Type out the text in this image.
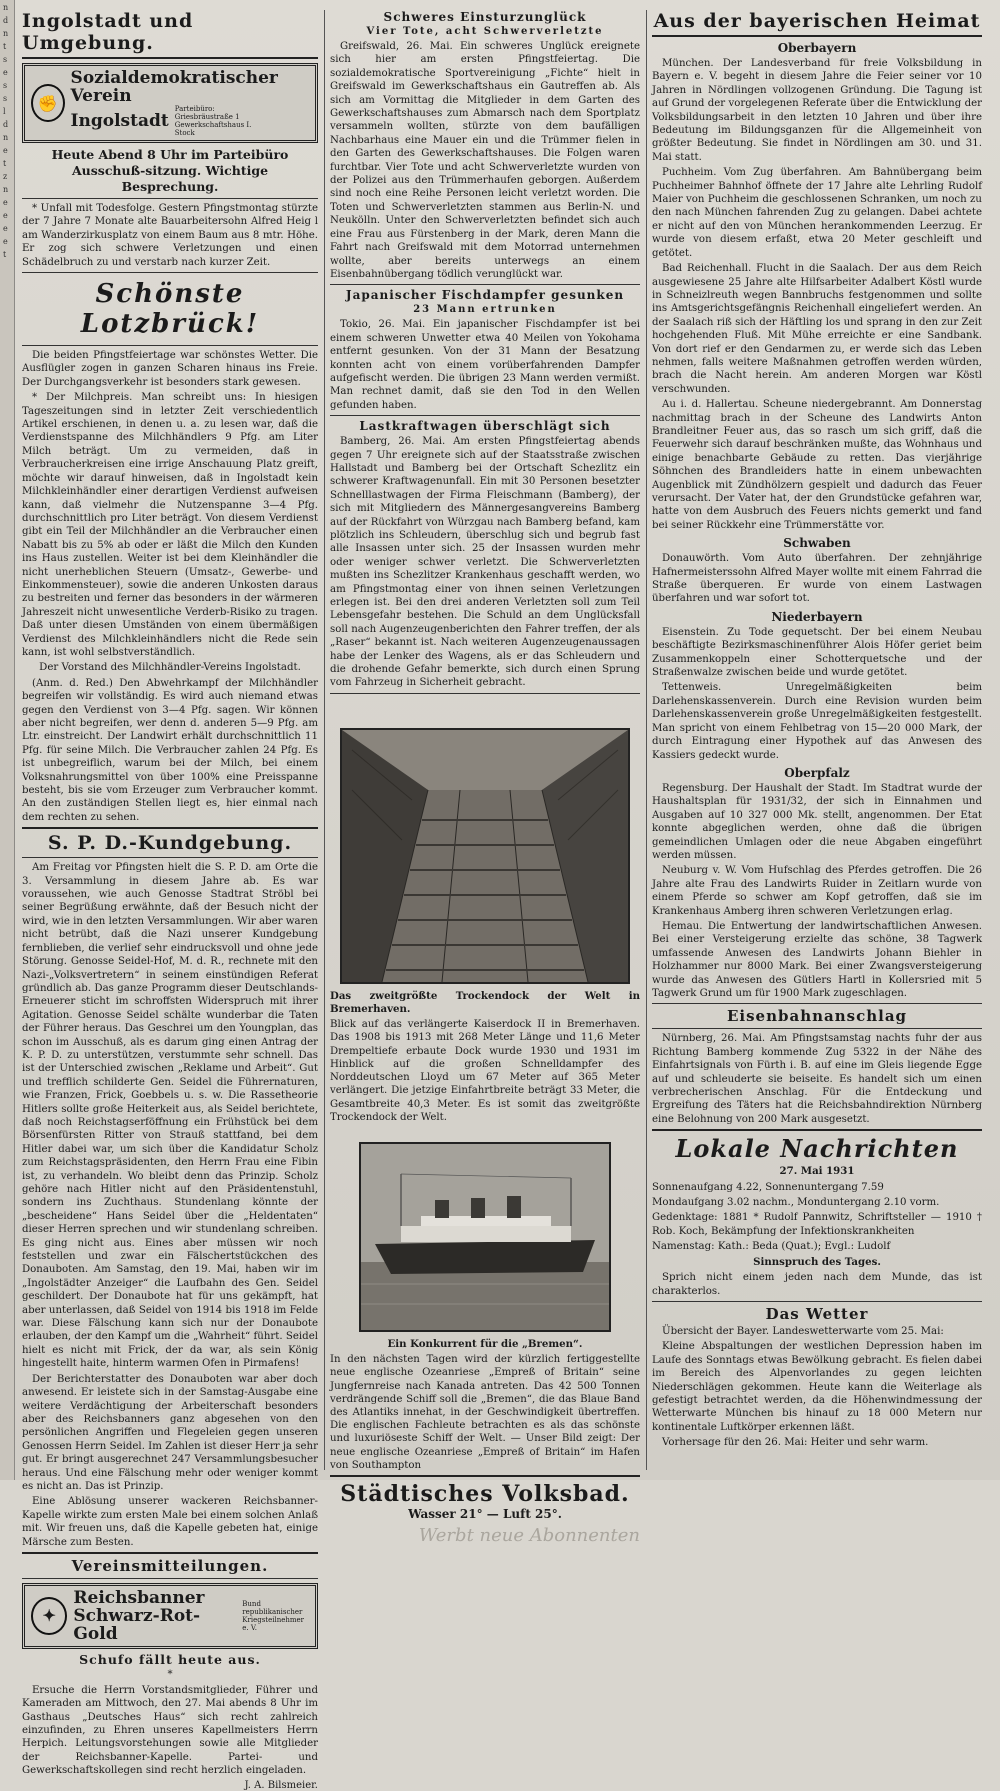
n
d
n
t
s
e
s
s
l
d
n
e
t
z
n
e
e
e
e
t
Ingolstadt und Umgebung.
✊
Sozialdemokratischer Verein
Ingolstadt
Parteibüro: Griesbräustraße 1 Gewerkschaftshaus I. Stock

Heute Abend 8 Uhr im Parteibüro Ausschuß-sitzung. Wichtige Besprechung.

* Unfall mit Todesfolge. Gestern Pfingstmontag stürzte der 7 Jahre 7 Monate alte Bauarbeitersohn Alfred Heig l am Wanderzirkusplatz von einem Baum aus 8 mtr. Höhe. Er zog sich schwere Verletzungen und einen Schädelbruch zu und verstarb nach kurzer Zeit.

Schönste Lotzbrück!

Die beiden Pfingstfeiertage war schönstes Wetter. Die Ausflügler zogen in ganzen Scharen hinaus ins Freie. Der Durchgangsverkehr ist besonders stark gewesen.

* Der Milchpreis. Man schreibt uns: In hiesigen Tageszeitungen sind in letzter Zeit verschiedentlich Artikel erschienen, in denen u. a. zu lesen war, daß die Verdienstspanne des Milchhändlers 9 Pfg. am Liter Milch beträgt. Um zu vermeiden, daß in Verbraucherkreisen eine irrige Anschauung Platz greift, möchte wir darauf hinweisen, daß in Ingolstadt kein Milchkleinhändler einer derartigen Verdienst aufweisen kann, daß vielmehr die Nutzenspanne 3—4 Pfg. durchschnittlich pro Liter beträgt. Von diesem Verdienst gibt ein Teil der Milchhändler an die Verbraucher einen Nabatt bis zu 5% ab oder er läßt die Milch den Kunden ins Haus zustellen. Weiter ist bei dem Kleinhändler die nicht unerheblichen Steuern (Umsatz-, Gewerbe- und Einkommensteuer), sowie die anderen Unkosten daraus zu bestreiten und ferner das besonders in der wärmeren Jahreszeit nicht unwesentliche Verderb-Risiko zu tragen. Daß unter diesen Umständen von einem übermäßigen Verdienst des Milchkleinhändlers nicht die Rede sein kann, ist wohl selbstverständlich.

Der Vorstand des Milchhändler-Vereins Ingolstadt.

(Anm. d. Red.) Den Abwehrkampf der Milchhändler begreifen wir vollständig. Es wird auch niemand etwas gegen den Verdienst von 3—4 Pfg. sagen. Wir können aber nicht begreifen, wer denn d. anderen 5—9 Pfg. am Ltr. einstreicht. Der Landwirt erhält durchschnittlich 11 Pfg. für seine Milch. Die Verbraucher zahlen 24 Pfg. Es ist unbegreiflich, warum bei der Milch, bei einem Volksnahrungsmittel von über 100% eine Preisspanne besteht, bis sie vom Erzeuger zum Verbraucher kommt. An den zuständigen Stellen liegt es, hier einmal nach dem rechten zu sehen.

S. P. D.-Kundgebung.

Am Freitag vor Pfingsten hielt die S. P. D. am Orte die 3. Versammlung in diesem Jahre ab. Es war voraussehen, wie auch Genosse Stadtrat Ströbl bei seiner Begrüßung erwähnte, daß der Besuch nicht der wird, wie in den letzten Versammlungen. Wir aber waren nicht betrübt, daß die Nazi unserer Kundgebung fernblieben, die verlief sehr eindrucksvoll und ohne jede Störung. Genosse Seidel-Hof, M. d. R., rechnete mit den Nazi-„Volksvertretern“ in seinem einstündigen Referat gründlich ab. Das ganze Programm dieser Deutschlands-Erneuerer sticht im schroffsten Widerspruch mit ihrer Agitation. Genosse Seidel schälte wunderbar die Taten der Führer heraus. Das Geschrei um den Youngplan, das schon im Ausschuß, als es darum ging einen Antrag der K. P. D. zu unterstützen, verstummte sehr schnell. Das ist der Unterschied zwischen „Reklame und Arbeit“. Gut und trefflich schilderte Gen. Seidel die Führernaturen, wie Franzen, Frick, Goebbels u. s. w. Die Rassetheorie Hitlers sollte große Heiterkeit aus, als Seidel berichtete, daß noch Reichstagserföffnung ein Frühstück bei dem Börsenfürsten Ritter von Strauß stattfand, bei dem Hitler dabei war, um sich über die Kandidatur Scholz zum Reichstagspräsidenten, den Herrn Frau eine Fibin ist, zu verhandeln. Wo bleibt denn das Prinzip. Scholz gehöre nach Hitler nicht auf den Präsidentenstuhl, sondern ins Zuchthaus. Stundenlang könnte der „bescheidene“ Hans Seidel über die „Heldentaten“ dieser Herren sprechen und wir stundenlang schreiben. Es ging nicht aus. Eines aber müssen wir noch feststellen und zwar ein Fälschertstückchen des Donauboten. Am Samstag, den 19. Mai, haben wir im „Ingolstädter Anzeiger“ die Laufbahn des Gen. Seidel geschildert. Der Donaubote hat für uns gekämpft, hat aber unterlassen, daß Seidel von 1914 bis 1918 im Felde war. Diese Fälschung kann sich nur der Donaubote erlauben, der den Kampf um die „Wahrheit“ führt. Seidel hielt es nicht mit Frick, der da war, als sein König hingestellt haite, hinterm warmen Ofen in Pirmafens!

Der Berichterstatter des Donauboten war aber doch anwesend. Er leistete sich in der Samstag-Ausgabe eine weitere Verdächtigung der Arbeiterschaft besonders aber des Reichsbanners ganz abgesehen von den persönlichen Angriffen und Flegeleien gegen unseren Genossen Herrn Seidel. Im Zahlen ist dieser Herr ja sehr gut. Er bringt ausgerechnet 247 Versammlungsbesucher heraus. Und eine Fälschung mehr oder weniger kommt es nicht an. Das ist Prinzip.

Eine Ablösung unserer wackeren Reichsbanner-Kapelle wirkte zum ersten Male bei einem solchen Anlaß mit. Wir freuen uns, daß die Kapelle gebeten hat, einige Märsche zum Besten.

Vereinsmitteilungen.
✦
Reichsbanner
Schwarz-Rot-Gold
Bund republikanischer Kriegsteilnehmer e. V.

Schufo fällt heute aus.

*

Ersuche die Herrn Vorstandsmitglieder, Führer und Kameraden am Mittwoch, den 27. Mai abends 8 Uhr im Gasthaus „Deutsches Haus“ sich recht zahlreich einzufinden, zu Ehren unseres Kapellmeisters Herrn Herpich. Leitungsvorstehungen sowie alle Mitglieder der Reichsbanner-Kapelle. Partei- und Gewerkschaftskollegen sind recht herzlich eingeladen.

J. A. Bilsmeier.
Schweres Einsturzunglück
Vier Tote, acht Schwerverletzte

Greifswald, 26. Mai. Ein schweres Unglück ereignete sich hier am ersten Pfingstfeiertag. Die sozialdemokratische Sportvereinigung „Fichte“ hielt in Greifswald im Gewerkschaftshaus ein Gautreffen ab. Als sich am Vormittag die Mitglieder in dem Garten des Gewerkschaftshauses zum Abmarsch nach dem Sportplatz versammeln wollten, stürzte von dem baufälligen Nachbarhaus eine Mauer ein und die Trümmer fielen in den Garten des Gewerkschaftshauses. Die Folgen waren furchtbar. Vier Tote und acht Schwerverletzte wurden von der Polizei aus den Trümmerhaufen geborgen. Außerdem sind noch eine Reihe Personen leicht verletzt worden. Die Toten und Schwerverletzten stammen aus Berlin-N. und Neukölln. Unter den Schwerverletzten befindet sich auch eine Frau aus Fürstenberg in der Mark, deren Mann die Fahrt nach Greifswald mit dem Motorrad unternehmen wollte, aber bereits unterwegs an einem Eisenbahnübergang tödlich verunglückt war.

Japanischer Fischdampfer gesunken
23 Mann ertrunken

Tokio, 26. Mai. Ein japanischer Fischdampfer ist bei einem schweren Unwetter etwa 40 Meilen von Yokohama entfernt gesunken. Von der 31 Mann der Besatzung konnten acht von einem vorüberfahrenden Dampfer aufgefischt werden. Die übrigen 23 Mann werden vermißt. Man rechnet damit, daß sie den Tod in den Wellen gefunden haben.

Lastkraftwagen überschlägt sich

Bamberg, 26. Mai. Am ersten Pfingstfeiertag abends gegen 7 Uhr ereignete sich auf der Staatsstraße zwischen Hallstadt und Bamberg bei der Ortschaft Schezlitz ein schwerer Kraftwagenunfall. Ein mit 30 Personen besetzter Schnelllastwagen der Firma Fleischmann (Bamberg), der sich mit Mitgliedern des Männergesangvereins Bamberg auf der Rückfahrt von Würzgau nach Bamberg befand, kam plötzlich ins Schleudern, überschlug sich und begrub fast alle Insassen unter sich. 25 der Insassen wurden mehr oder weniger schwer verletzt. Die Schwerverletzten mußten ins Schezlitzer Krankenhaus geschafft werden, wo am Pfingstmontag einer von ihnen seinen Verletzungen erlegen ist. Bei den drei anderen Verletzten soll zum Teil Lebensgefahr bestehen. Die Schuld an dem Unglücksfall soll nach Augenzeugenberichten den Fahrer treffen, der als „Raser“ bekannt ist. Nach weiteren Augenzeugenaussagen habe der Lenker des Wagens, als er das Schleudern und die drohende Gefahr bemerkte, sich durch einen Sprung vom Fahrzeug in Sicherheit gebracht.

Das zweitgrößte Trockendock der Welt in Bremerhaven.

Blick auf das verlängerte Kaiserdock II in Bremerhaven. Das 1908 bis 1913 mit 268 Meter Länge und 11,6 Meter Drempeltiefe erbaute Dock wurde 1930 und 1931 im Hinblick auf die großen Schnelldampfer des Norddeutschen Lloyd um 67 Meter auf 365 Meter verlängert. Die jetzige Einfahrtbreite beträgt 33 Meter, die Gesamtbreite 40,3 Meter. Es ist somit das zweitgrößte Trockendock der Welt.

Ein Konkurrent für die „Bremen“.

In den nächsten Tagen wird der kürzlich fertiggestellte neue englische Ozeanriese „Empreß of Britain“ seine Jungfernreise nach Kanada antreten. Das 42 500 Tonnen verdrängende Schiff soll die „Bremen“, die das Blaue Band des Atlantiks innehat, in der Geschwindigkeit übertreffen. Die englischen Fachleute betrachten es als das schönste und luxuriöseste Schiff der Welt. — Unser Bild zeigt: Der neue englische Ozeanriese „Empreß of Britain“ im Hafen von Southampton

Städtisches Volksbad.
Wasser 21° — Luft 25°.
Werbt neue Abonnenten
Aus der bayerischen Heimat
Oberbayern

München. Der Landesverband für freie Volksbildung in Bayern e. V. begeht in diesem Jahre die Feier seiner vor 10 Jahren in Nördlingen vollzogenen Gründung. Die Tagung ist auf Grund der vorgelegenen Referate über die Entwicklung der Volksbildungsarbeit in den letzten 10 Jahren und über ihre Bedeutung im Bildungsganzen für die Allgemeinheit von größter Bedeutung. Sie findet in Nördlingen am 30. und 31. Mai statt.

Puchheim. Vom Zug überfahren. Am Bahnübergang beim Puchheimer Bahnhof öffnete der 17 Jahre alte Lehrling Rudolf Maier von Puchheim die geschlossenen Schranken, um noch zu den nach München fahrenden Zug zu gelangen. Dabei achtete er nicht auf den von München herankommenden Leerzug. Er wurde von diesem erfaßt, etwa 20 Meter geschleift und getötet.

Bad Reichenhall. Flucht in die Saalach. Der aus dem Reich ausgewiesene 25 Jahre alte Hilfsarbeiter Adalbert Köstl wurde in Schneizlreuth wegen Bannbruchs festgenommen und sollte ins Amtsgerichtsgefängnis Reichenhall eingeliefert werden. An der Saalach riß sich der Häftling los und sprang in den zur Zeit hochgehenden Fluß. Mit Mühe erreichte er eine Sandbank. Von dort rief er den Gendarmen zu, er werde sich das Leben nehmen, falls weitere Maßnahmen getroffen werden würden, brach die Nacht herein. Am anderen Morgen war Köstl verschwunden.

Au i. d. Hallertau. Scheune niedergebrannt. Am Donnerstag nachmittag brach in der Scheune des Landwirts Anton Brandleitner Feuer aus, das so rasch um sich griff, daß die Feuerwehr sich darauf beschränken mußte, das Wohnhaus und einige benachbarte Gebäude zu retten. Das vierjährige Söhnchen des Brandleiders hatte in einem unbewachten Augenblick mit Zündhölzern gespielt und dadurch das Feuer verursacht. Der Vater hat, der den Grundstücke gefahren war, hatte von dem Ausbruch des Feuers nichts gemerkt und fand bei seiner Rückkehr eine Trümmerstätte vor.

Schwaben

Donauwörth. Vom Auto überfahren. Der zehnjährige Hafnermeisterssohn Alfred Mayer wollte mit einem Fahrrad die Straße überqueren. Er wurde von einem Lastwagen überfahren und war sofort tot.

Niederbayern

Eisenstein. Zu Tode gequetscht. Der bei einem Neubau beschäftigte Bezirksmaschinenführer Alois Höfer geriet beim Zusammenkoppeln einer Schotterquetsche und der Straßenwalze zwischen beide und wurde getötet.

Tettenweis. Unregelmäßigkeiten beim Darlehenskassenverein. Durch eine Revision wurden beim Darlehenskassenverein große Unregelmäßigkeiten festgestellt. Man spricht von einem Fehlbetrag von 15—20 000 Mark, der durch Eintragung einer Hypothek auf das Anwesen des Kassiers gedeckt wurde.

Oberpfalz

Regensburg. Der Haushalt der Stadt. Im Stadtrat wurde der Haushaltsplan für 1931/32, der sich in Einnahmen und Ausgaben auf 10 327 000 Mk. stellt, angenommen. Der Etat konnte abgeglichen werden, ohne daß die übrigen gemeindlichen Umlagen oder die neue Abgaben eingeführt werden müssen.

Neuburg v. W. Vom Hufschlag des Pferdes getroffen. Die 26 Jahre alte Frau des Landwirts Ruider in Zeitlarn wurde von einem Pferde so schwer am Kopf getroffen, daß sie im Krankenhaus Amberg ihren schweren Verletzungen erlag.

Hemau. Die Entwertung der landwirtschaftlichen Anwesen. Bei einer Versteigerung erzielte das schöne, 38 Tagwerk umfassende Anwesen des Landwirts Johann Biehler in Holzhammer nur 8000 Mark. Bei einer Zwangsversteigerung wurde das Anwesen des Gütlers Hartl in Kollersried mit 5 Tagwerk Grund um für 1900 Mark zugeschlagen.

Eisenbahnanschlag

Nürnberg, 26. Mai. Am Pfingstsamstag nachts fuhr der aus Richtung Bamberg kommende Zug 5322 in der Nähe des Einfahrtsignals von Fürth i. B. auf eine im Gleis liegende Egge auf und schleuderte sie beiseite. Es handelt sich um einen verbrecherischen Anschlag. Für die Entdeckung und Ergreifung des Täters hat die Reichsbahndirektion Nürnberg eine Belohnung von 200 Mark ausgesetzt.

Lokale Nachrichten

27. Mai 1931

Sonnenaufgang 4.22, Sonnenuntergang 7.59

Mondaufgang 3.02 nachm., Monduntergang 2.10 vorm.

Gedenktage: 1881 * Rudolf Pannwitz, Schriftsteller — 1910 † Rob. Koch, Bekämpfung der Infektionskrankheiten

Namenstag: Kath.: Beda (Quat.); Evgl.: Ludolf

Sinnspruch des Tages.

Sprich nicht einem jeden nach dem Munde, das ist charakterlos.

Das Wetter

Übersicht der Bayer. Landeswetterwarte vom 25. Mai:

Kleine Abspaltungen der westlichen Depression haben im Laufe des Sonntags etwas Bewölkung gebracht. Es fielen dabei im Bereich des Alpenvorlandes zu gegen leichten Niederschlägen gekommen. Heute kann die Weiterlage als gefestigt betrachtet werden, da die Höhenwindmessung der Wetterwarte München bis hinauf zu 18 000 Metern nur kontinentale Luftkörper erkennen läßt.

Vorhersage für den 26. Mai: Heiter und sehr warm.
